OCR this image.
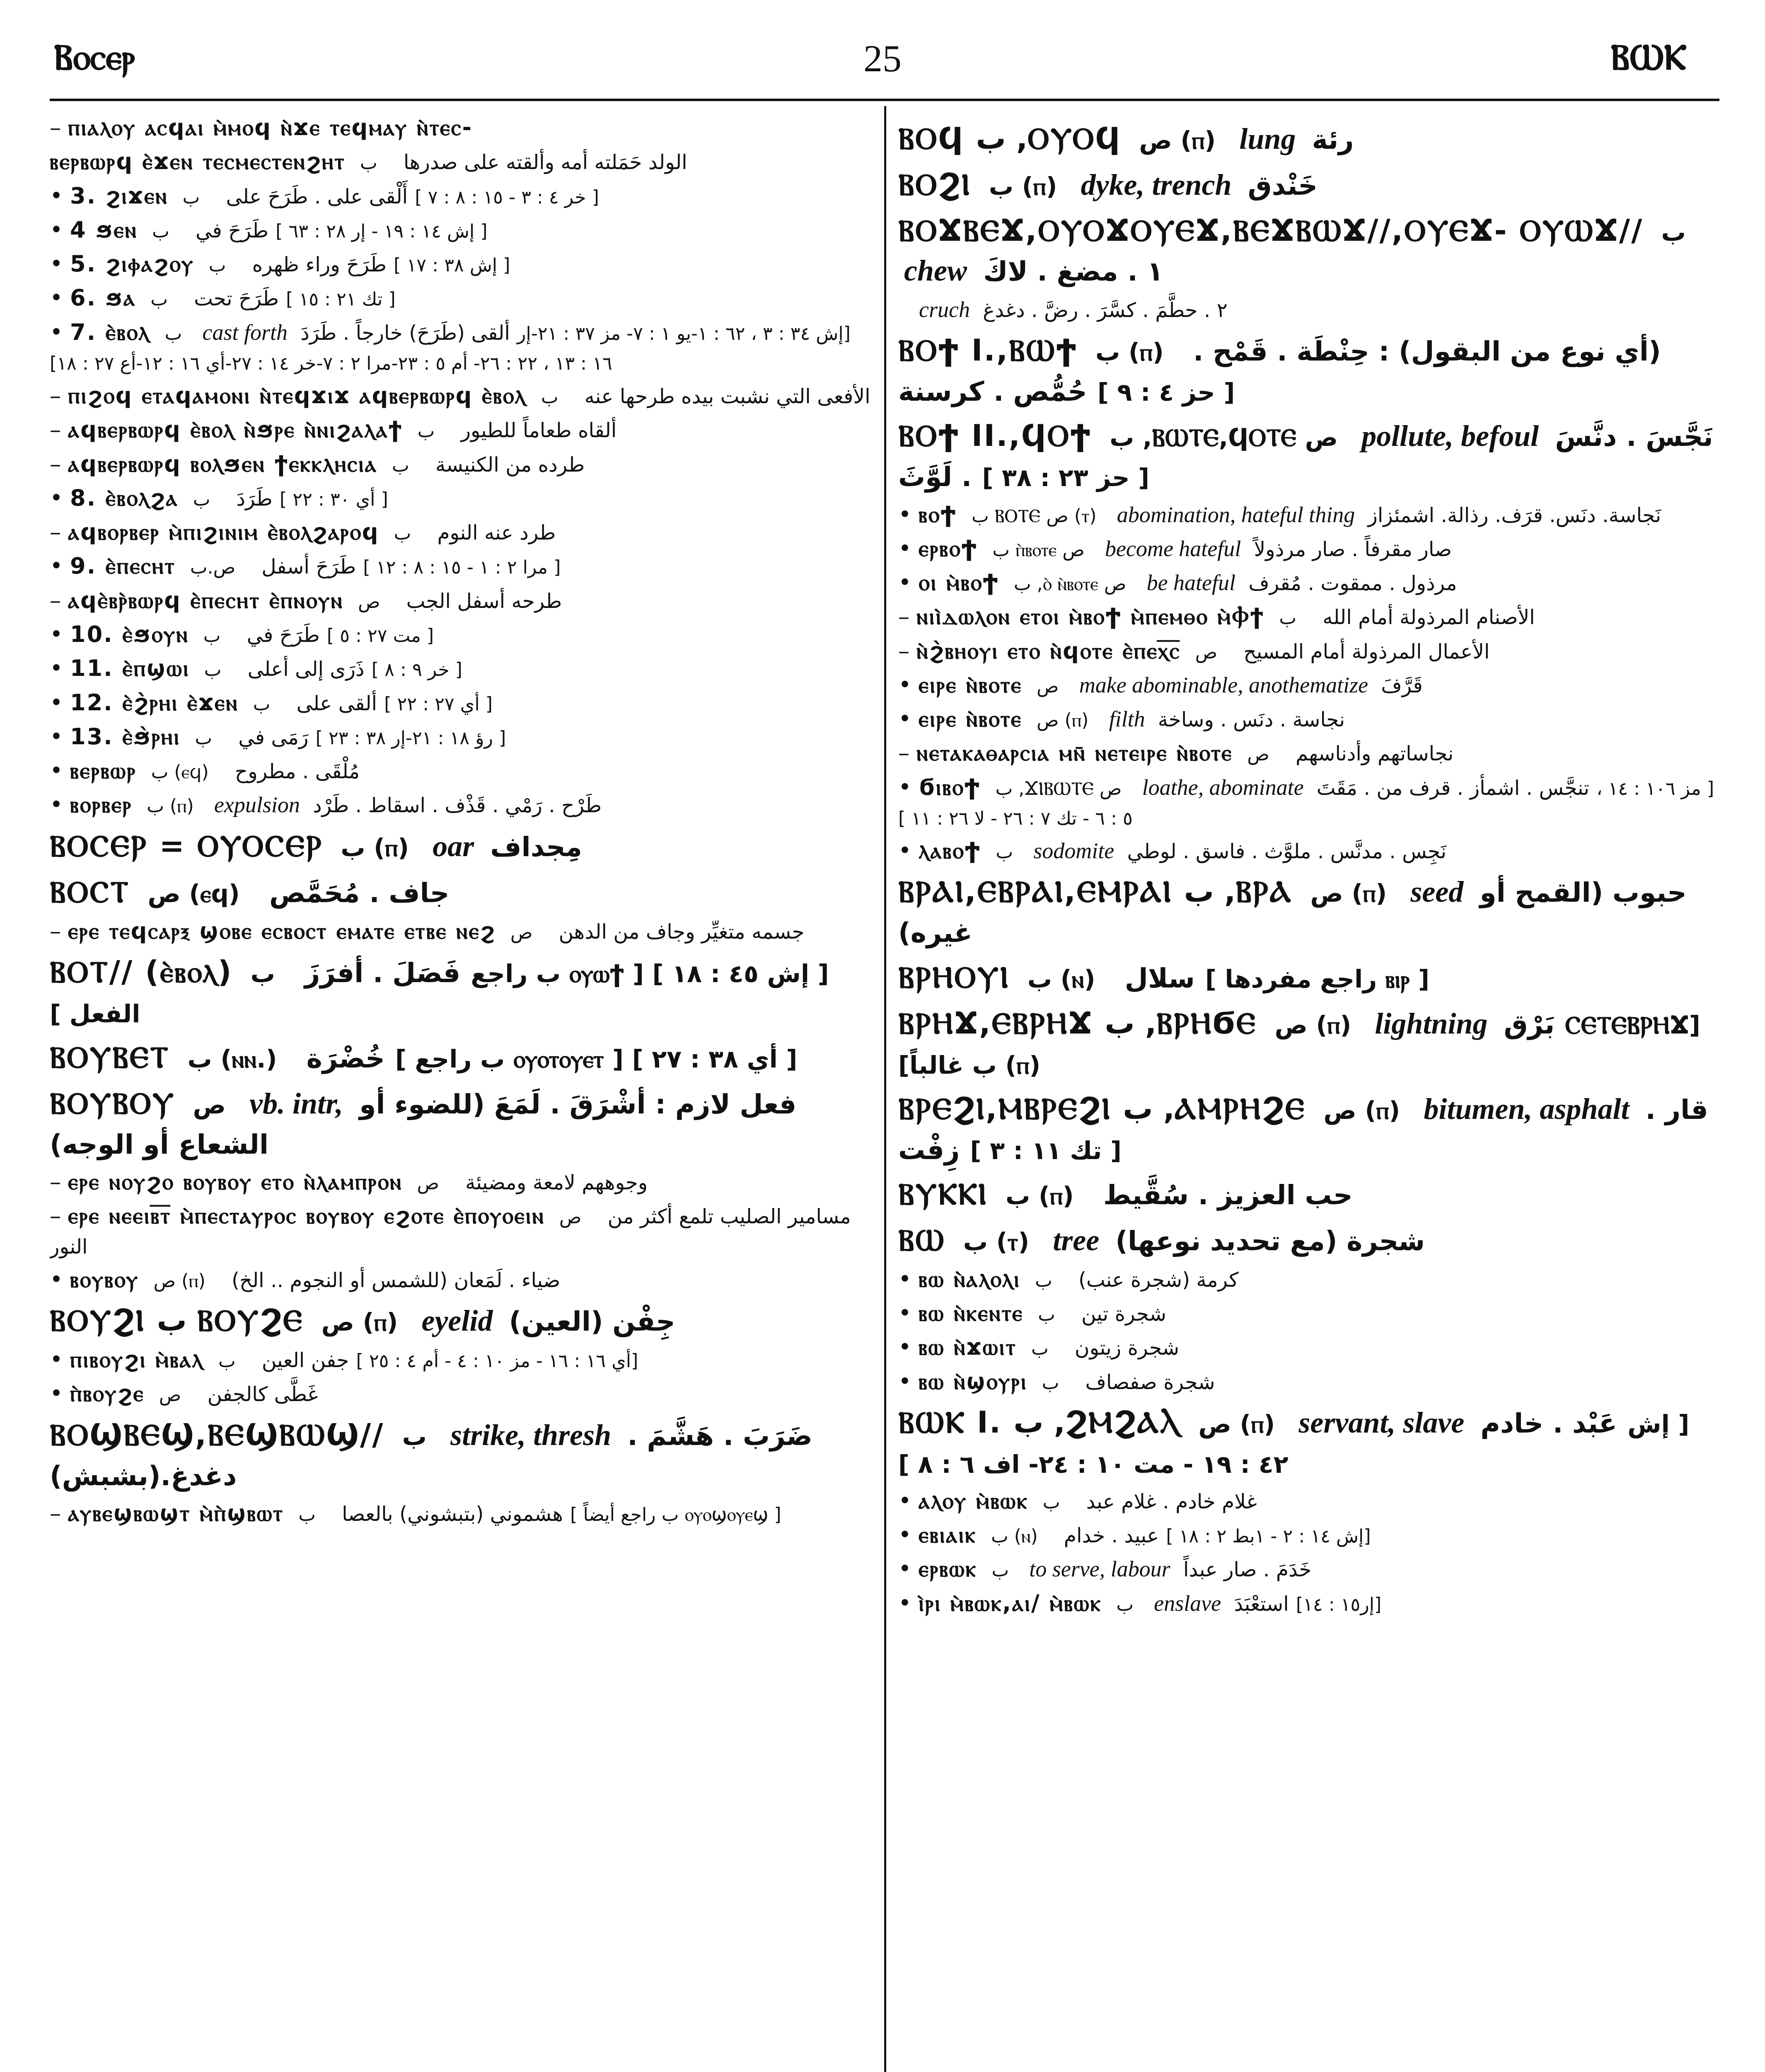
Ⲃⲟⲥⲉⲣ	25	ⲂⲰⲔ
– ⲡⲓⲁⲗⲟⲩ ⲁⲥϥⲁⲓ ⲙ̀ⲙⲟϥ ⲛ̀ϫⲉ ⲧⲉϥⲙⲁⲩ ⲛ̀ⲧⲉⲥ-
ⲃⲉⲣⲃⲱⲣϥ ⲉ̀ϫⲉⲛ ⲧⲉⲥⲙⲉⲥⲧⲉⲛϩⲏⲧ ب الولد حَمَلته أمه وألقته على صدرها
• 3. ϩⲓϫⲉⲛ ب أَلْقى على . طَرَحَ على [ خر ٤ : ٣ - ١٥ : ٨ : ٧ ]
• 4 ϧⲉⲛ ب طَرَحَ في [ إش ١٤ : ١٩ - إر ٢٨ : ٦٣ ]
• 5. ϩⲓⲫⲁϩⲟⲩ ب طَرَحَ وراء ظهره [ إش ٣٨ : ١٧ ]
• 6. ϧⲁ ب طَرَحَ تحت [ تك ٢١ : ١٥ ]
• 7. ⲉ̀ⲃⲟⲗ ب cast forth ألقى (طَرَحَ) خارجاً . طَرَدَ [إش ٣٤ : ٣ ، ٦٢ : ١-يو ١ : ٧- مز ٣٧ : ٢١-إر ١٦ : ١٣ ، ٢٢ : ٢٦- أم ٥ : ٢٣-مرا ٢ : ٧-خر ١٤ : ٢٧-أي ١٦ : ١٢-أع ٢٧ : ١٨]
– ⲡⲓϩⲟϥ ⲉⲧⲁϥⲁⲙⲟⲛⲓ ⲛ̀ⲧⲉϥϫⲓϫ ⲁϥⲃⲉⲣⲃⲱⲣϥ ⲉ̀ⲃⲟⲗ ب الأفعى التي نشبت بيده طرحها عنه
– ⲁϥⲃⲉⲣⲃⲱⲣϥ ⲉ̀ⲃⲟⲗ ⲛ̀ϧⲣⲉ ⲛ̀ⲛⲓϩⲁⲗⲁϯ ب ألقاه طعاماً للطيور
– ⲁϥⲃⲉⲣⲃⲱⲣϥ ⲃⲟⲗϧⲉⲛ ϯⲉⲕⲕⲗⲏⲥⲓⲁ ب طرده من الكنيسة
• 8. ⲉ̀ⲃⲟⲗϩⲁ ب طَرَدَ [ أي ٣٠ : ٢٢ ]
– ⲁϥⲃⲟⲣⲃⲉⲣ ⲙ̀ⲡⲓϩⲓⲛⲓⲙ ⲉ̀ⲃⲟⲗϩⲁⲣⲟϥ ب طرد عنه النوم
• 9. ⲉ̀ⲡⲉⲥⲏⲧ ص.ب طَرَحَ أسفل [ مرا ٢ : ١ - ١٥ : ٨ : ١٢ ]
– ⲁϥⲉ̀ⲃⲣ̀ⲃⲱⲣϥ ⲉ̀ⲡⲉⲥⲏⲧ ⲉ̀ⲡⲛⲟⲩⲛ ص طرحه أسفل الجب
• 10. ⲉ̀ϧⲟⲩⲛ ب طَرَحَ في [ مت ٢٧ : ٥ ]
• 11. ⲉ̀ⲡϣⲱⲓ ب ذَرَى إلى أعلى [ خر ٩ : ٨ ]
• 12. ⲉ̀ϩ̀ⲣⲏⲓ ⲉ̀ϫⲉⲛ ب ألقى على [ أي ٢٧ : ٢٢ ]
• 13. ⲉ̀ϧ̀ⲣⲏⲓ ب رَمَى في [ رؤ ١٨ : ٢١-إر ٣٨ : ٢٣ ]
• ⲃⲉⲣⲃⲱⲣ ب (ⲉϥ) مُلْقَى . مطروح
• ⲃⲟⲣⲃⲉⲣ ب (ⲡ) expulsion طَرْح . رَمْي . قَذْف . اسقاط . طَرْد
ⲂⲞⲤⲈⲢ = ⲞⲨⲞⲤⲈⲢ ب (ⲡ) oar مِجداف
ⲂⲞⲤⲦ ص (ⲉϥ) جاف . مُحَمَّص
– ⲉⲣⲉ ⲧⲉϥⲥⲁⲣⲝ ϣⲟⲃⲉ ⲉⲥⲃⲟⲥⲧ ⲉⲙⲁⲧⲉ ⲉⲧⲃⲉ ⲛⲉϩ ص جسمه متغيِّر وجاف من الدهن
ⲂⲞⲦ// (ⲉ̀ⲃⲟⲗ) ب فَصَلَ . أفرَزَ [ إش ٤٥ : ١٨ ] [ ⲟⲩⲱϯ ب راجع الفعل ]
ⲂⲞⲨⲂⲈⲦ ب (ⲛⲛ.) خُضْرَة [ أي ٣٨ : ٢٧ ] [ ⲟⲩⲟⲧⲟⲩⲉⲧ ب راجع ]
ⲂⲞⲨⲂⲞⲨ ص vb. intr, فعل لازم : أشْرَقَ . لَمَعَ (للضوء أو الشعاع أو الوجه)
– ⲉⲣⲉ ⲛⲟⲩϩⲟ ⲃⲟⲩⲃⲟⲩ ⲉⲧⲟ ⲛ̀ⲗⲁⲙⲡⲣⲟⲛ ص وجوههم لامعة ومضيئة
– ⲉⲣⲉ ⲛⲉⲉⲓⲃ̅ⲧ̅ ⲙ̀ⲡⲉⲥⲧⲁⲩⲣⲟⲥ ⲃⲟⲩⲃⲟⲩ ⲉϩⲟⲧⲉ ⲉ̀ⲡⲟⲩⲟⲉⲓⲛ ص مسامير الصليب تلمع أكثر من النور
• ⲃⲟⲩⲃⲟⲩ ص (ⲡ) ضياء . لَمَعان (للشمس أو النجوم .. الخ)
ⲂⲞⲨϨⲒ ب ⲂⲞⲨϨⲈ ص (ⲡ) eyelid جِفْن (العين)
• ⲡⲓⲃⲟⲩϩⲓ ⲙ̀ⲃⲁⲗ ب جفن العين [أي ١٦ : ١٦ - مز ١٠ : ٤ - أم ٤ : ٢٥ ]
• ⲡ̀ⲃⲟⲩϩⲉ ص غَطَّى كالجفن
ⲂⲞϢⲂⲈϢ,ⲂⲈϢⲂⲰϢ// ب strike, thresh ضَرَبَ . هَشَّمَ . دغدغ.(بشبش)
– ⲁⲩⲃⲉϣⲃⲱϣⲧ ⲙ̀ⲡ̀ϣⲃⲱⲧ ب هشموني (بتبشوني) بالعصا [ ⲟⲩⲟϣⲟⲩⲉϣ ب راجع أيضاً ]
ⲂⲞϤ ب ,ⲞⲨⲞϤ ص (ⲡ) lung رئة
ⲂⲞϨⲒ ب (ⲡ) dyke, trench خَنْدق
ⲂⲞϪⲂⲈϪ,ⲞⲨⲞϪⲞⲨⲈϪ,ⲂⲈϪⲂⲰϪ//,ⲞⲨⲈϪ- ⲞⲨⲰϪ// ب chew ١ . مضغ . لاكَ
cruch ٢ . حطَّمَ . كسَّرَ . رضَّ . دغدغ
ⲂⲞϮ I.,ⲂⲰϮ ب (ⲡ) (أي نوع من البقول) : حِنْطَة . قَمْح . حُمُّص . كرسنة [ حز ٤ : ٩ ]
ⲂⲞϮ II.,ϤⲞϮ ب ,ⲂⲰⲦⲈ,ϤⲞⲦⲈ ص pollute, befoul نَجَّسَ . دنَّسَ . لَوَّثَ [ حز ٢٣ : ٣٨ ]
• ⲃⲟϮ ب ⲂⲞⲦⲈ ص (ⲧ) abomination, hateful thing نَجاسة. دنَس. قرَف. رذالة. اشمئزاز
• ⲉⲣⲃⲟϮ ب ⲡ̀ⲃⲟⲧⲉ ص become hateful صار مقرفاً . صار مرذولاً
• ⲟⲓ ⲙ̀ⲃⲟϮ ب ,ⲟ̀ ⲛ̀ⲃⲟⲧⲉ ص be hateful مرذول . ممقوت . مُقرف
– ⲛⲓⲓ̀ⲇⲱⲗⲟⲛ ⲉⲧⲟⲓ ⲙ̀ⲃⲟϮ ⲙ̀ⲡⲉⲙⲑⲟ ⲙ̀Ⲫϯ ب الأصنام المرذولة أمام الله
– ⲛ̀ϩ̀ⲃⲏⲟⲩⲓ ⲉⲧⲟ ⲛ̀ϥⲟⲧⲉ ⲉ̀ⲡⲉⲭ̅ⲥ̅ ص الأعمال المرذولة أمام المسيح
• ⲉⲓⲣⲉ ⲛ̀ⲃⲟⲧⲉ ص make abominable, anothematize قَرَّفَ
• ⲉⲓⲣⲉ ⲛ̀ⲃⲟⲧⲉ ص (ⲡ) filth نجاسة . دنَس . وساخة
– ⲛⲉⲧⲁⲕⲁⲑⲁⲣⲥⲓⲁ ⲙⲛ̄ ⲛⲉⲧⲉⲓⲣⲉ ⲛ̀ⲃⲟⲧⲉ ص نجاساتهم وأدناسهم
• ϭⲓⲃⲟϮ ب ,ϪⲒⲂⲰⲦⲈ ص loathe, abominate تنجَّس . اشمأز . قرف من . مَقَتَ [ مز ١٠٦ : ١٤ ، ٥ : ٦ - تك ٧ : ٢٦ - لا ٢٦ : ١١ ]
• ⲗⲁⲃⲟϮ ب sodomite نَجِس . مدنَّس . ملوَّث . فاسق . لوطي
ⲂⲢⲀⲒ,ⲈⲂⲢⲀⲒ,ⲈⲘⲢⲀⲒ ب ,ⲂⲢⲀ ص (ⲡ) seed حبوب (القمح أو غيره)
ⲂⲢⲎⲞⲨⲒ ب (ⲛ) سلال [ ⲃⲓⲣ راجع مفردها ]
ⲂⲢⲎϪ,ⲈⲂⲢⲎϪ ب ,ⲂⲢⲎϬⲈ ص (ⲡ) lightning بَرْق [ⲤⲈⲦⲈⲂⲢⲎϪ (ⲡ) ب غالباً]
ⲂⲢⲈϨⲒ,ⲘⲂⲢⲈϨⲒ ب ,ⲀⲘⲢⲎϨⲈ ص (ⲡ) bitumen, asphalt قار . زِفْت [ تك ١١ : ٣ ]
ⲂⲨⲔⲔⲒ ب (ⲡ) حب العزيز . سُقَّيط
ⲂⲰ ب (ⲧ) tree شجرة (مع تحديد نوعها)
• ⲃⲱ ⲛ̀ⲁⲗⲟⲗⲓ ب كرمة (شجرة عنب)
• ⲃⲱ ⲛ̀ⲕⲉⲛⲧⲉ ب شجرة تين
• ⲃⲱ ⲛ̀ϫⲱⲓⲧ ب شجرة زيتون
• ⲃⲱ ⲛ̀ϣⲟⲩⲣⲓ ب شجرة صفصاف
ⲂⲰⲔ I. ب ,ϨⲘϨⲀⲖ ص (ⲡ) servant, slave عَبْد . خادم [ إش ٤٢ : ١٩ - مت ١٠ : ٢٤- اف ٦ : ٨ ]
• ⲁⲗⲟⲩ ⲙ̀ⲃⲱⲕ ب غلام خادم . غلام عبد
• ⲉⲃⲓⲁⲓⲕ ب (ⲛ) عبيد . خدام [إش ١٤ : ٢ - ١بط ٢ : ١٨ ]
• ⲉⲣⲃⲱⲕ ب to serve, labour خَدَمَ . صار عبداً
• ⲓ̀ⲣⲓ ⲙ̀ⲃⲱⲕ,ⲁⲓ/ ⲙ̀ⲃⲱⲕ ب enslave استعْبَدَ [إر١٥ : ١٤]
